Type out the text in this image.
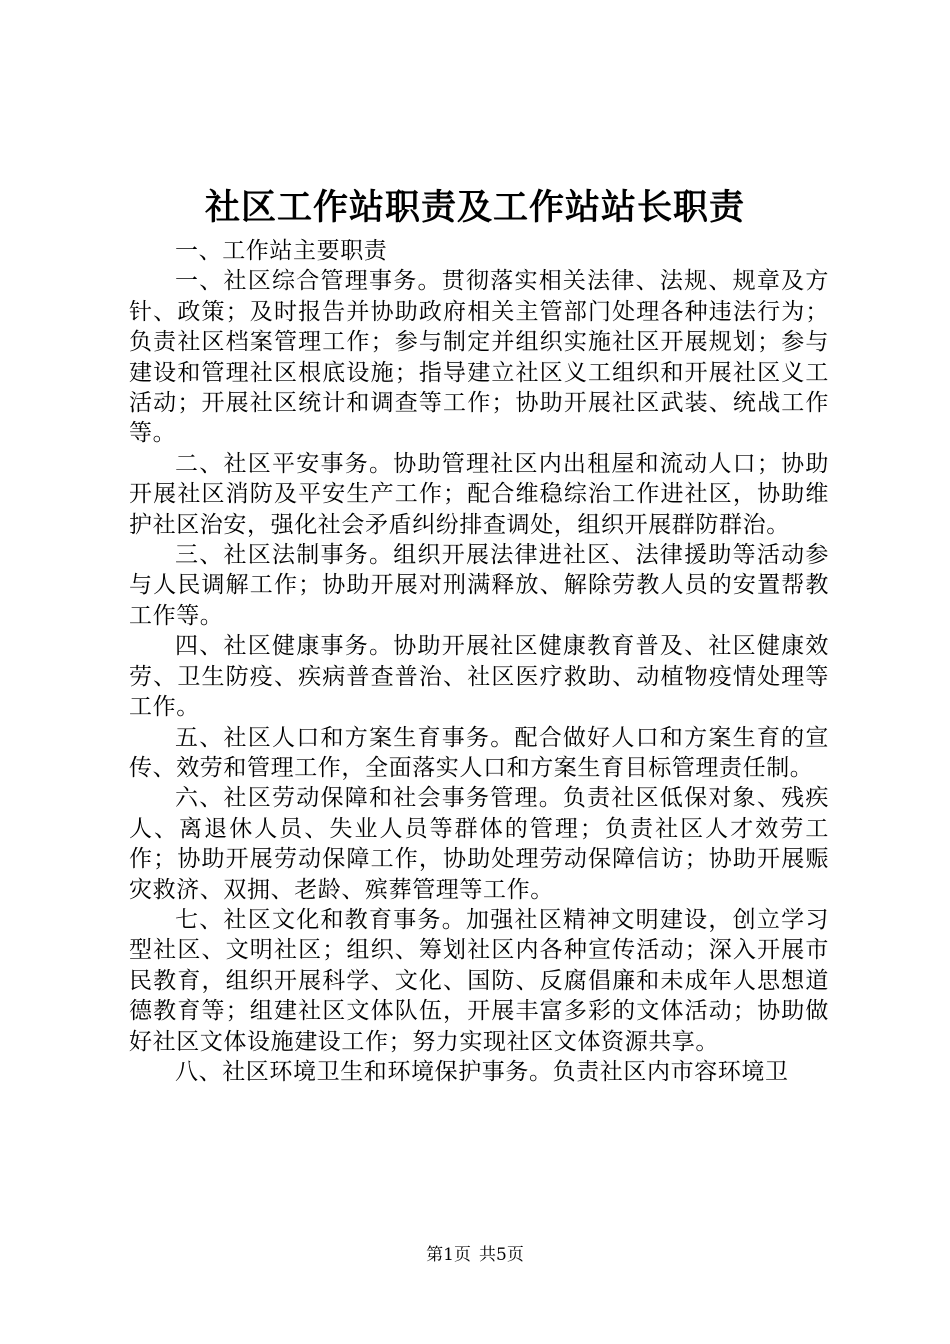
社区工作站职责及工作站站长职责

一、工作站主要职责

一、社区综合管理事务。贯彻落实相关法律、法规、规章及方针、政策；及时报告并协助政府相关主管部门处理各种违法行为；负责社区档案管理工作；参与制定并组织实施社区开展规划；参与建设和管理社区根底设施；指导建立社区义工组织和开展社区义工活动；开展社区统计和调查等工作；协助开展社区武装、统战工作等。

二、社区平安事务。协助管理社区内出租屋和流动人口；协助开展社区消防及平安生产工作；配合维稳综治工作进社区，协助维护社区治安，强化社会矛盾纠纷排查调处，组织开展群防群治。

三、社区法制事务。组织开展法律进社区、法律援助等活动参与人民调解工作；协助开展对刑满释放、解除劳教人员的安置帮教工作等。

四、社区健康事务。协助开展社区健康教育普及、社区健康效劳、卫生防疫、疾病普查普治、社区医疗救助、动植物疫情处理等工作。

五、社区人口和方案生育事务。配合做好人口和方案生育的宣传、效劳和管理工作，全面落实人口和方案生育目标管理责任制。

六、社区劳动保障和社会事务管理。负责社区低保对象、残疾人、离退休人员、失业人员等群体的管理；负责社区人才效劳工作；协助开展劳动保障工作，协助处理劳动保障信访；协助开展赈灾救济、双拥、老龄、殡葬管理等工作。

七、社区文化和教育事务。加强社区精神文明建设，创立学习型社区、文明社区；组织、筹划社区内各种宣传活动；深入开展市民教育，组织开展科学、文化、国防、反腐倡廉和未成年人思想道德教育等；组建社区文体队伍，开展丰富多彩的文体活动；协助做好社区文体设施建设工作；努力实现社区文体资源共享。

八、社区环境卫生和环境保护事务。负责社区内市容环境卫

第1页 共5页
